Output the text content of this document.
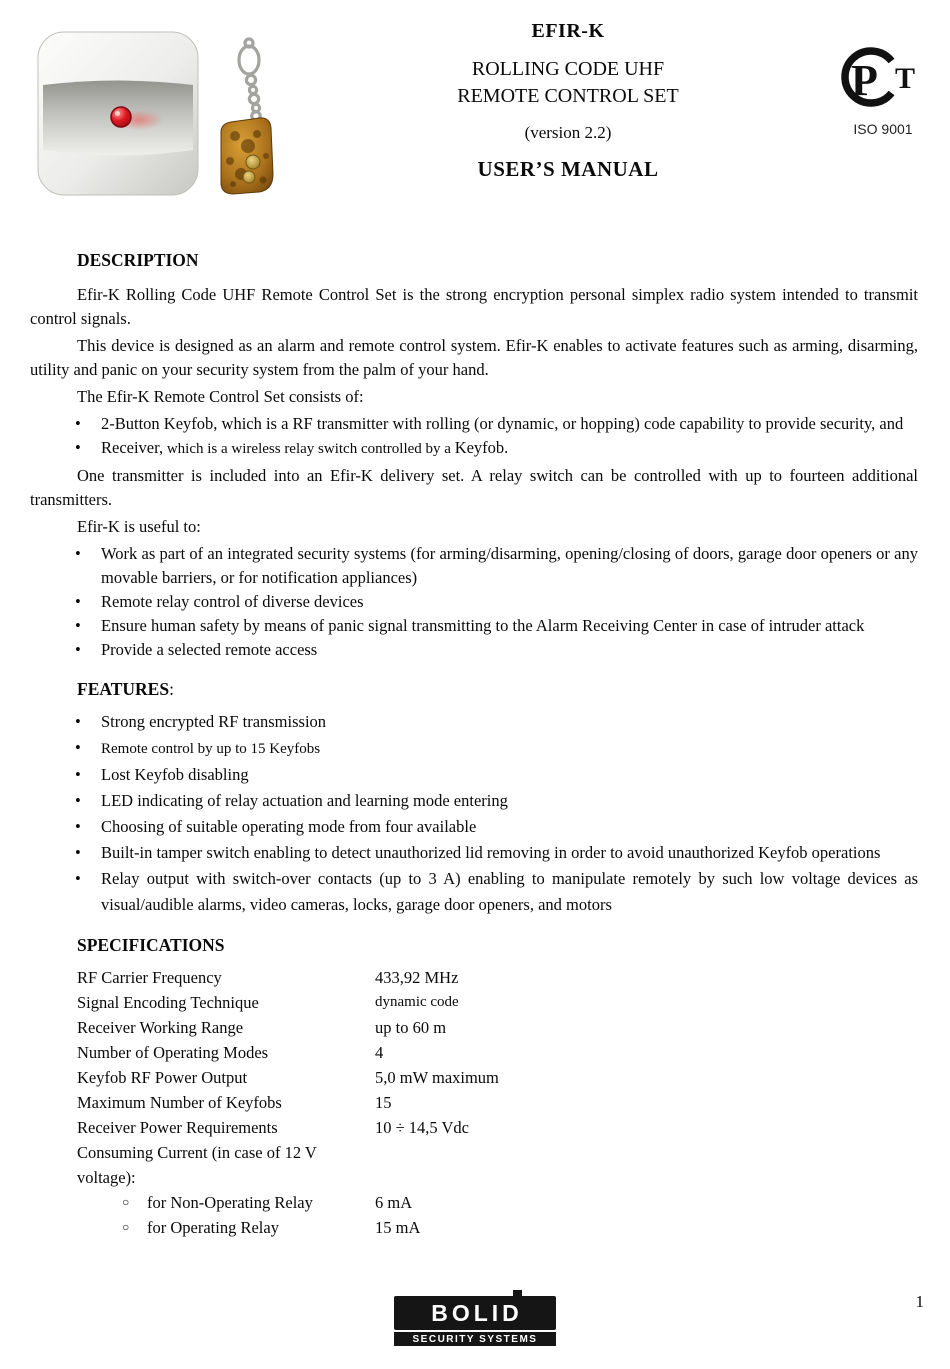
EFIR-K
ROLLING CODE UHF
REMOTE CONTROL SET
(version 2.2)
USER’S MANUAL
Р Т
ISO 9001
DESCRIPTION

Efir-K Rolling Code UHF Remote Control Set is the strong encryption personal simplex radio system intended to transmit control signals.

This device is designed as an alarm and remote control system. Efir-K enables to activate features such as arming, disarming, utility and panic on your security system from the palm of your hand.

The Efir-K Remote Control Set consists of:

•	2-Button Keyfob, which is a RF transmitter with rolling (or dynamic, or hopping) code capability to provide security, and
•	Receiver, which is a wireless relay switch controlled by a Keyfob.

One transmitter is included into an Efir-K delivery set. A relay switch can be controlled with up to fourteen additional transmitters.

Efir-K is useful to:

•	Work as part of an integrated security systems (for arming/disarming, opening/closing of doors, garage door openers or any movable barriers, or for notification appliances)
•	Remote relay control of diverse devices
•	Ensure human safety by means of panic signal transmitting to the Alarm Receiving Center in case of intruder attack
•	Provide a selected remote access
FEATURES:
•	Strong encrypted RF transmission
•	Remote control by up to 15 Keyfobs
•	Lost Keyfob disabling
•	LED indicating of relay actuation and learning mode entering
•	Choosing of suitable operating mode from four available
•	Built-in tamper switch enabling to detect unauthorized lid removing in order to avoid unauthorized Keyfob operations
•	Relay output with switch-over contacts (up to 3 A) enabling to manipulate remotely by such low voltage devices as visual/audible alarms, video cameras, locks, garage door openers, and motors
SPECIFICATIONS
RF Carrier Frequency	433,92 MHz
Signal Encoding Technique	dynamic code
Receiver Working Range	up to 60 m
Number of Operating Modes	4
Keyfob RF Power Output	5,0 mW maximum
Maximum Number of Keyfobs	15
Receiver Power Requirements	10 ÷ 14,5 Vdc
Consuming Current (in case of 12 V voltage):
○	for Non-Operating Relay	6 mA
○	for Operating Relay	15 mA
BOLID
SECURITY SYSTEMS
1
